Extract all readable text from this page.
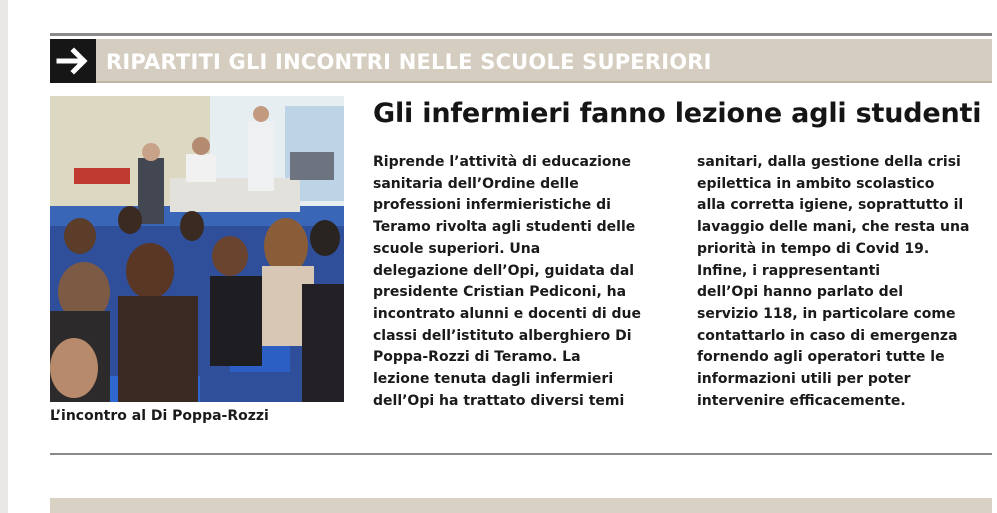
RIPARTITI GLI INCONTRI NELLE SCUOLE SUPERIORI
L’incontro al Di Poppa-Rozzi
Gli infermieri fanno lezione agli studenti
Riprende l’attività di educazione
sanitaria dell’Ordine delle
professioni infermieristiche di
Teramo rivolta agli studenti delle
scuole superiori. Una
delegazione dell’Opi, guidata dal
presidente Cristian Pediconi, ha
incontrato alunni e docenti di due
classi dell’istituto alberghiero Di
Poppa-Rozzi di Teramo. La
lezione tenuta dagli infermieri
dell’Opi ha trattato diversi temi
sanitari, dalla gestione della crisi
epilettica in ambito scolastico
alla corretta igiene, soprattutto il
lavaggio delle mani, che resta una
priorità in tempo di Covid 19.
Infine, i rappresentanti
dell’Opi hanno parlato del
servizio 118, in particolare come
contattarlo in caso di emergenza
fornendo agli operatori tutte le
informazioni utili per poter
intervenire efficacemente.
